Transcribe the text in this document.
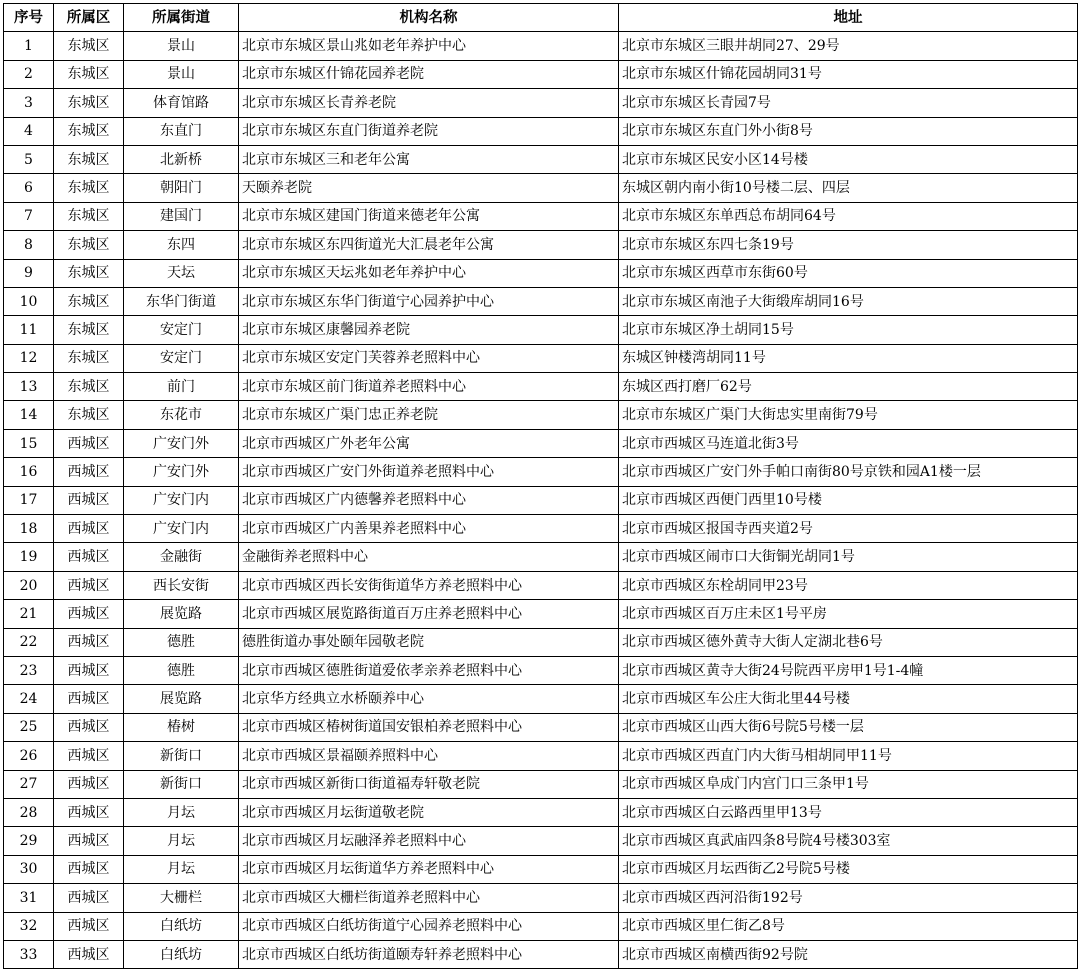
序号	所属区	所属街道	机构名称	地址
1	东城区	景山	北京市东城区景山兆如老年养护中心	北京市东城区三眼井胡同27、29号
2	东城区	景山	北京市东城区什锦花园养老院	北京市东城区什锦花园胡同31号
3	东城区	体育馆路	北京市东城区长青养老院	北京市东城区长青园7号
4	东城区	东直门	北京市东城区东直门街道养老院	北京市东城区东直门外小街8号
5	东城区	北新桥	北京市东城区三和老年公寓	北京市东城区民安小区14号楼
6	东城区	朝阳门	天颐养老院	东城区朝内南小街10号楼二层、四层
7	东城区	建国门	北京市东城区建国门街道来德老年公寓	北京市东城区东单西总布胡同64号
8	东城区	东四	北京市东城区东四街道光大汇晨老年公寓	北京市东城区东四七条19号
9	东城区	天坛	北京市东城区天坛兆如老年养护中心	北京市东城区西草市东街60号
10	东城区	东华门街道	北京市东城区东华门街道宁心园养护中心	北京市东城区南池子大街缎库胡同16号
11	东城区	安定门	北京市东城区康馨园养老院	北京市东城区净土胡同15号
12	东城区	安定门	北京市东城区安定门芙蓉养老照料中心	东城区钟楼湾胡同11号
13	东城区	前门	北京市东城区前门街道养老照料中心	东城区西打磨厂62号
14	东城区	东花市	北京市东城区广渠门忠正养老院	北京市东城区广渠门大街忠实里南街79号
15	西城区	广安门外	北京市西城区广外老年公寓	北京市西城区马连道北街3号
16	西城区	广安门外	北京市西城区广安门外街道养老照料中心	北京市西城区广安门外手帕口南街80号京铁和园A1楼一层
17	西城区	广安门内	北京市西城区广内德馨养老照料中心	北京市西城区西便门西里10号楼
18	西城区	广安门内	北京市西城区广内善果养老照料中心	北京市西城区报国寺西夹道2号
19	西城区	金融街	金融街养老照料中心	北京市西城区闹市口大街铜光胡同1号
20	西城区	西长安街	北京市西城区西长安街街道华方养老照料中心	北京市西城区东栓胡同甲23号
21	西城区	展览路	北京市西城区展览路街道百万庄养老照料中心	北京市西城区百万庄未区1号平房
22	西城区	德胜	德胜街道办事处颐年园敬老院	北京市西城区德外黄寺大街人定湖北巷6号
23	西城区	德胜	北京市西城区德胜街道爱依孝亲养老照料中心	北京市西城区黄寺大街24号院西平房甲1号1-4幢
24	西城区	展览路	北京华方经典立水桥颐养中心	北京市西城区车公庄大街北里44号楼
25	西城区	椿树	北京市西城区椿树街道国安银柏养老照料中心	北京市西城区山西大街6号院5号楼一层
26	西城区	新街口	北京市西城区景福颐养照料中心	北京市西城区西直门内大街马相胡同甲11号
27	西城区	新街口	北京市西城区新街口街道福寿轩敬老院	北京市西城区阜成门内宫门口三条甲1号
28	西城区	月坛	北京市西城区月坛街道敬老院	北京市西城区白云路西里甲13号
29	西城区	月坛	北京市西城区月坛融泽养老照料中心	北京市西城区真武庙四条8号院4号楼303室
30	西城区	月坛	北京市西城区月坛街道华方养老照料中心	北京市西城区月坛西街乙2号院5号楼
31	西城区	大栅栏	北京市西城区大栅栏街道养老照料中心	北京市西城区西河沿街192号
32	西城区	白纸坊	北京市西城区白纸坊街道宁心园养老照料中心	北京市西城区里仁街乙8号
33	西城区	白纸坊	北京市西城区白纸坊街道颐寿轩养老照料中心	北京市西城区南横西街92号院
